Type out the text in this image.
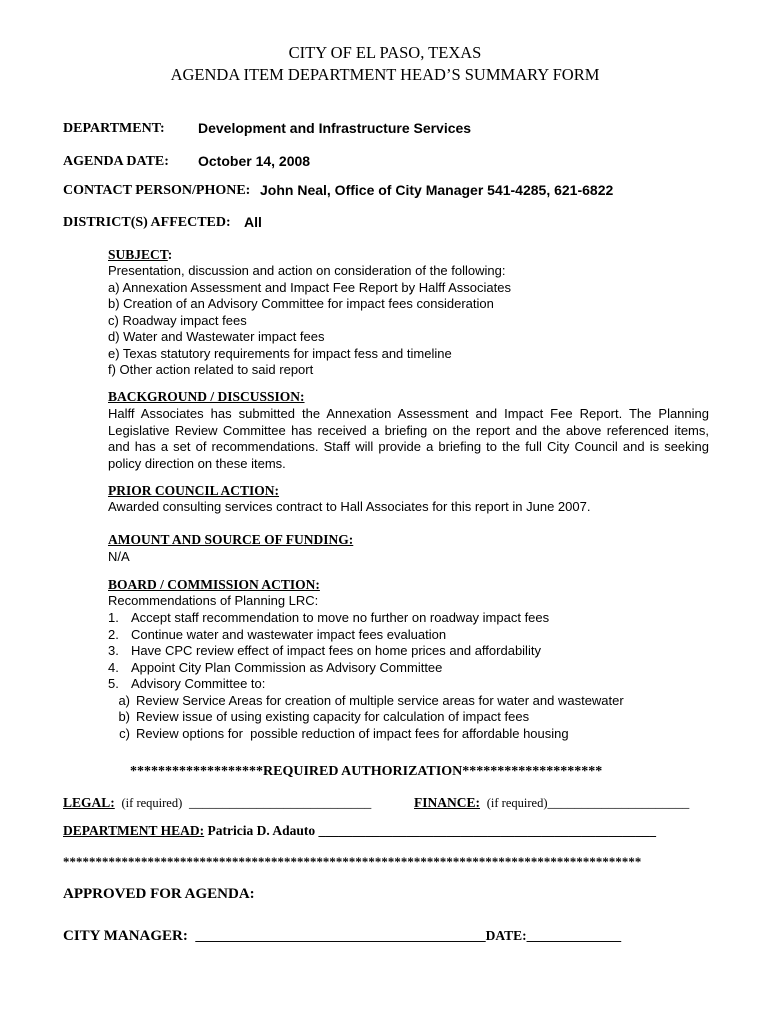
CITY OF EL PASO, TEXAS
AGENDA ITEM DEPARTMENT HEAD’S SUMMARY FORM
DEPARTMENT: Development and Infrastructure Services
AGENDA DATE: October 14, 2008
CONTACT PERSON/PHONE: John Neal, Office of City Manager 541-4285, 621-6822
DISTRICT(S) AFFECTED: All
SUBJECT:
Presentation, discussion and action on consideration of the following:
a) Annexation Assessment and Impact Fee Report by Halff Associates
b) Creation of an Advisory Committee for impact fees consideration
c) Roadway impact fees
d) Water and Wastewater impact fees
e) Texas statutory requirements for impact fess and timeline
f) Other action related to said report
BACKGROUND / DISCUSSION:
Halff Associates has submitted the Annexation Assessment and Impact Fee Report. The Planning Legislative Review Committee has received a briefing on the report and the above referenced items, and has a set of recommendations. Staff will provide a briefing to the full City Council and is seeking policy direction on these items.
PRIOR COUNCIL ACTION:
Awarded consulting services contract to Hall Associates for this report in June 2007.
AMOUNT AND SOURCE OF FUNDING:
N/A
BOARD / COMMISSION ACTION:
Recommendations of Planning LRC:
1. Accept staff recommendation to move no further on roadway impact fees
2. Continue water and wastewater impact fees evaluation
3. Have CPC review effect of impact fees on home prices and affordability
4. Appoint City Plan Commission as Advisory Committee
5. Advisory Committee to:
a) Review Service Areas for creation of multiple service areas for water and wastewater
b) Review issue of using existing capacity for calculation of impact fees
c) Review options for  possible reduction of impact fees for affordable housing
*******************REQUIRED AUTHORIZATION********************
LEGAL: (if required) ___________________________	FINANCE: (if required)_____________________
DEPARTMENT HEAD: Patricia D. Adauto __________________________________________________
*****************************************************************************************
APPROVED FOR AGENDA:
CITY MANAGER: ___________________________________________DATE:______________
